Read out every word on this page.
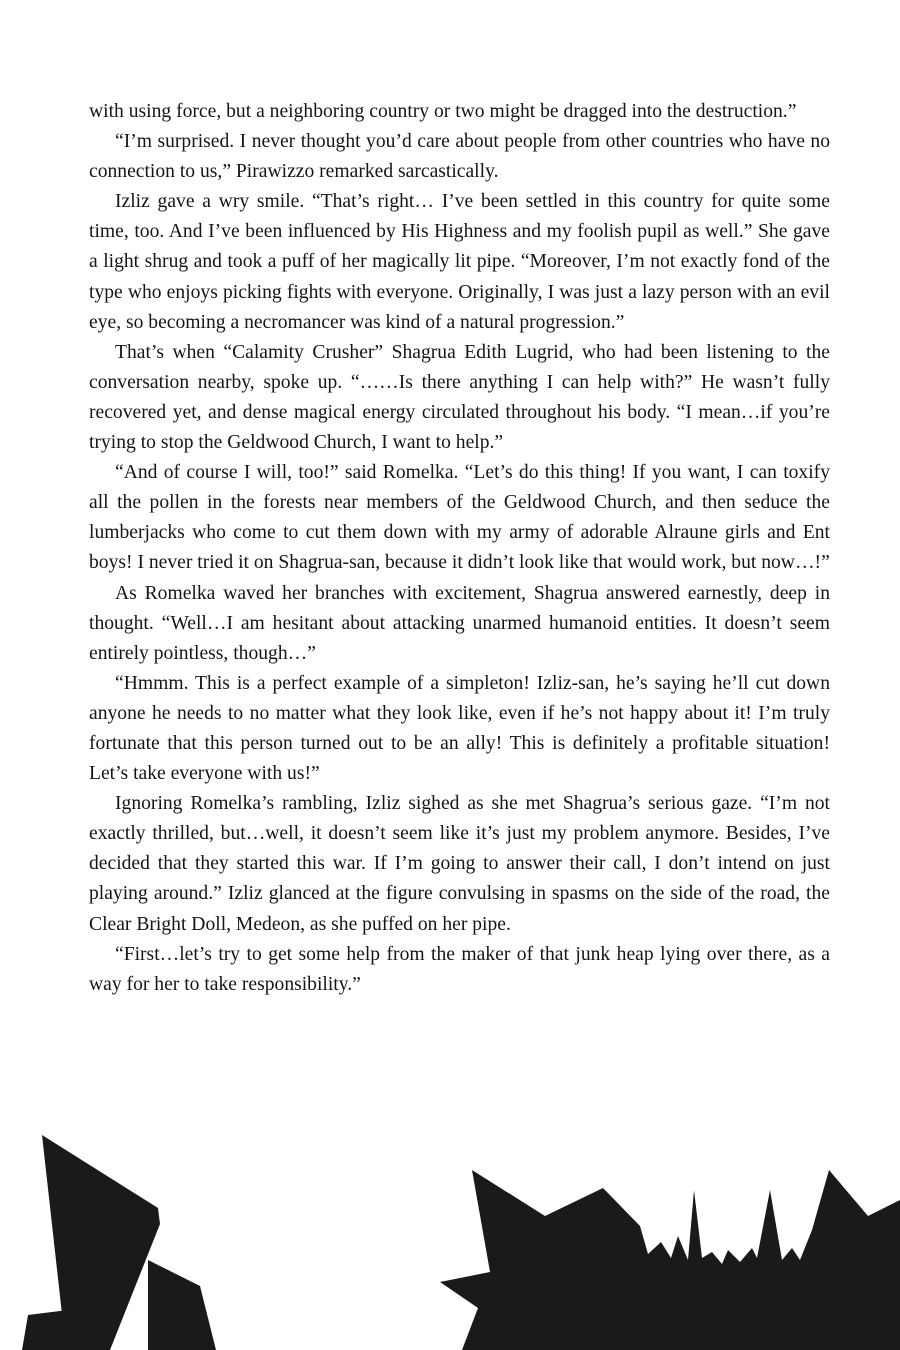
with using force, but a neighboring country or two might be dragged into the destruction.”

“I’m surprised. I never thought you’d care about people from other countries who have no connection to us,” Pirawizzo remarked sarcastically.

Izliz gave a wry smile. “That’s right… I’ve been settled in this country for quite some time, too. And I’ve been influenced by His Highness and my foolish pupil as well.” She gave a light shrug and took a puff of her magically lit pipe. “Moreover, I’m not exactly fond of the type who enjoys picking fights with everyone. Originally, I was just a lazy person with an evil eye, so becoming a necromancer was kind of a natural progression.”

That’s when “Calamity Crusher” Shagrua Edith Lugrid, who had been listening to the conversation nearby, spoke up. “……Is there anything I can help with?” He wasn’t fully recovered yet, and dense magical energy circulated throughout his body. “I mean…if you’re trying to stop the Geldwood Church, I want to help.”

“And of course I will, too!” said Romelka. “Let’s do this thing! If you want, I can toxify all the pollen in the forests near members of the Geldwood Church, and then seduce the lumberjacks who come to cut them down with my army of adorable Alraune girls and Ent boys! I never tried it on Shagrua-san, because it didn’t look like that would work, but now…!”

As Romelka waved her branches with excitement, Shagrua answered earnestly, deep in thought. “Well…I am hesitant about attacking unarmed humanoid entities. It doesn’t seem entirely pointless, though…”

“Hmmm. This is a perfect example of a simpleton! Izliz-san, he’s saying he’ll cut down anyone he needs to no matter what they look like, even if he’s not happy about it! I’m truly fortunate that this person turned out to be an ally! This is definitely a profitable situation! Let’s take everyone with us!”

Ignoring Romelka’s rambling, Izliz sighed as she met Shagrua’s serious gaze. “I’m not exactly thrilled, but…well, it doesn’t seem like it’s just my problem anymore. Besides, I’ve decided that they started this war. If I’m going to answer their call, I don’t intend on just playing around.” Izliz glanced at the figure convulsing in spasms on the side of the road, the Clear Bright Doll, Medeon, as she puffed on her pipe.

“First…let’s try to get some help from the maker of that junk heap lying over there, as a way for her to take responsibility.”
